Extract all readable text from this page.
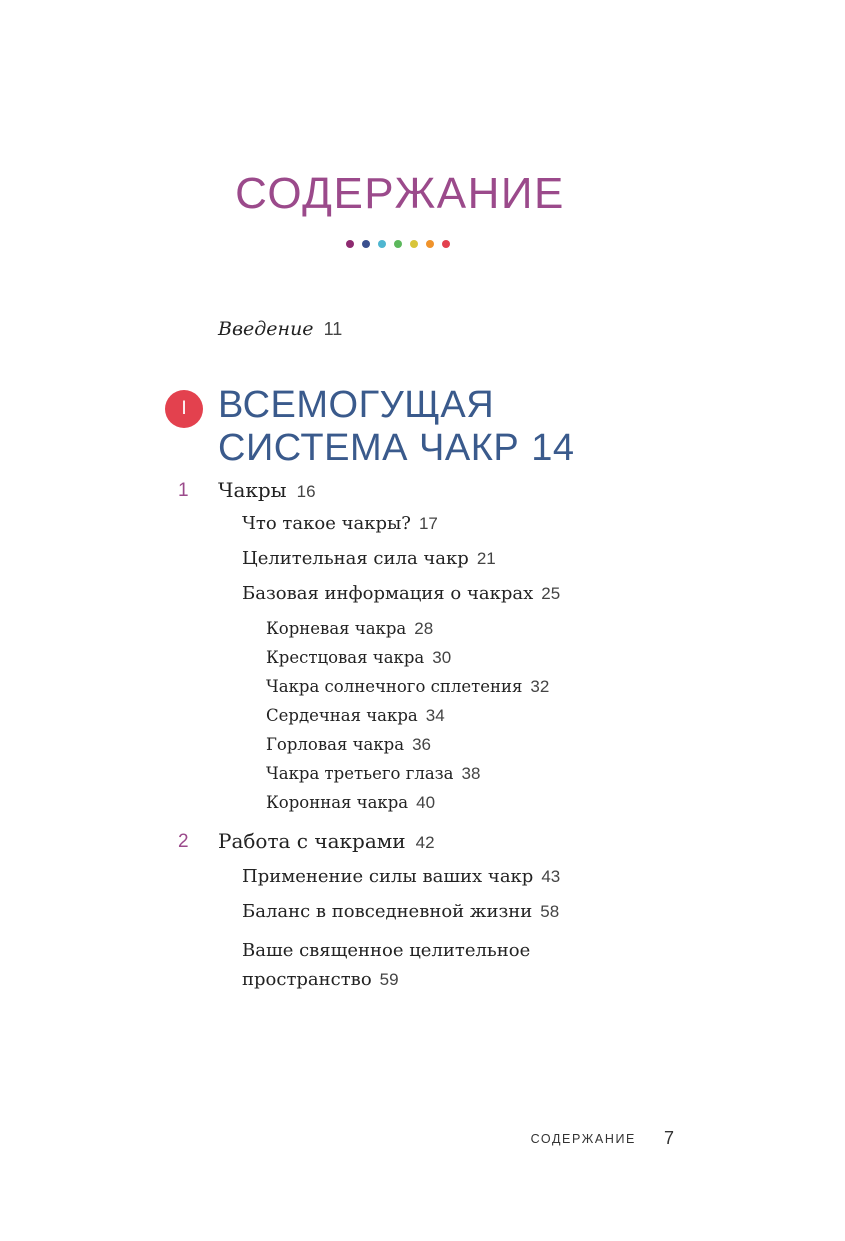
СОДЕРЖАНИЕ
Введение 11
I ВСЕМОГУЩАЯ
СИСТЕМА ЧАКР 14
1 Чакры 16
Что такое чакры? 17
Целительная сила чакр 21
Базовая информация о чакрах 25
Корневая чакра 28
Крестцовая чакра 30
Чакра солнечного сплетения 32
Сердечная чакра 34
Горловая чакра 36
Чакра третьего глаза 38
Коронная чакра 40
2 Работа с чакрами 42
Применение силы ваших чакр 43
Баланс в повседневной жизни 58
Ваше священное целительное
пространство 59
СОДЕРЖАНИЕ 7
